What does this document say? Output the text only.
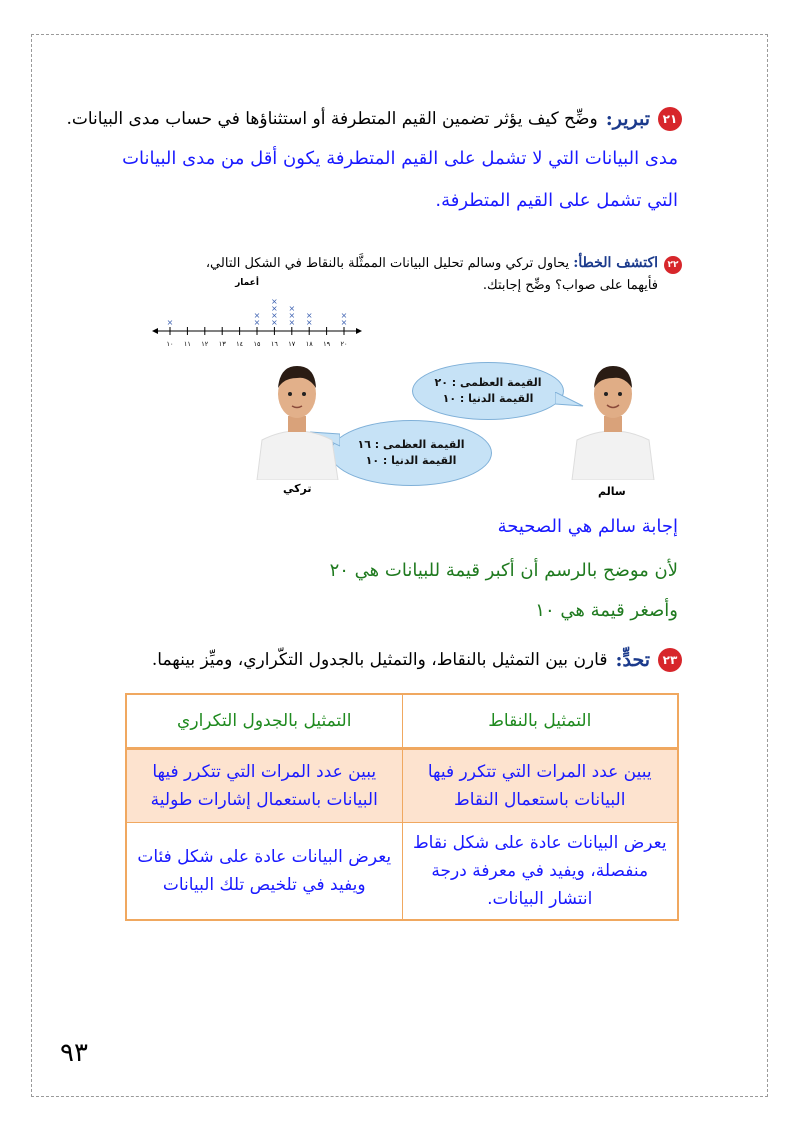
٢١
تبرير:
وضِّح كيف يؤثر تضمين القيم المتطرفة أو استثناؤها في حساب مدى البيانات.
مدى البيانات التي لا تشمل على القيم المتطرفة يكون أقل من مدى البيانات
التي تشمل على القيم المتطرفة.
٢٢
اكتشف الخطأ: يحاول تركي وسالم تحليل البيانات الممثَّلة بالنقاط في الشكل التالي،
فأيهما على صواب؟ وضِّح إجابتك.
أعمار
١٠
×
١١ ١٢ ١٣ ١٤ ١٥
×
×
١٦
×
×
×
×
١٧
×
×
×
١٨
×
×
١٩ ٢٠
×
×
القيمة العظمى : ٢٠
القيمة الدنيا : ١٠
القيمة العظمى : ١٦
القيمة الدنيا : ١٠
تركي	سالم
إجابة سالم هي الصحيحة
لأن موضح بالرسم أن أكبر قيمة للبيانات هي ٢٠
وأصغر قيمة هي ١٠
٢٣
تحدٍّ:
قارن بين التمثيل بالنقاط، والتمثيل بالجدول التكّراري، وميِّز بينهما.
التمثيل بالنقاط	التمثيل بالجدول التكراري
يبين عدد المرات التي تتكرر فيها البيانات باستعمال النقاط	يبين عدد المرات التي تتكرر فيها البيانات باستعمال إشارات طولية
يعرض البيانات عادة على شكل نقاط منفصلة، ويفيد في معرفة درجة انتشار البيانات.	يعرض البيانات عادة على شكل فئات ويفيد في تلخيص تلك البيانات
٩٣
